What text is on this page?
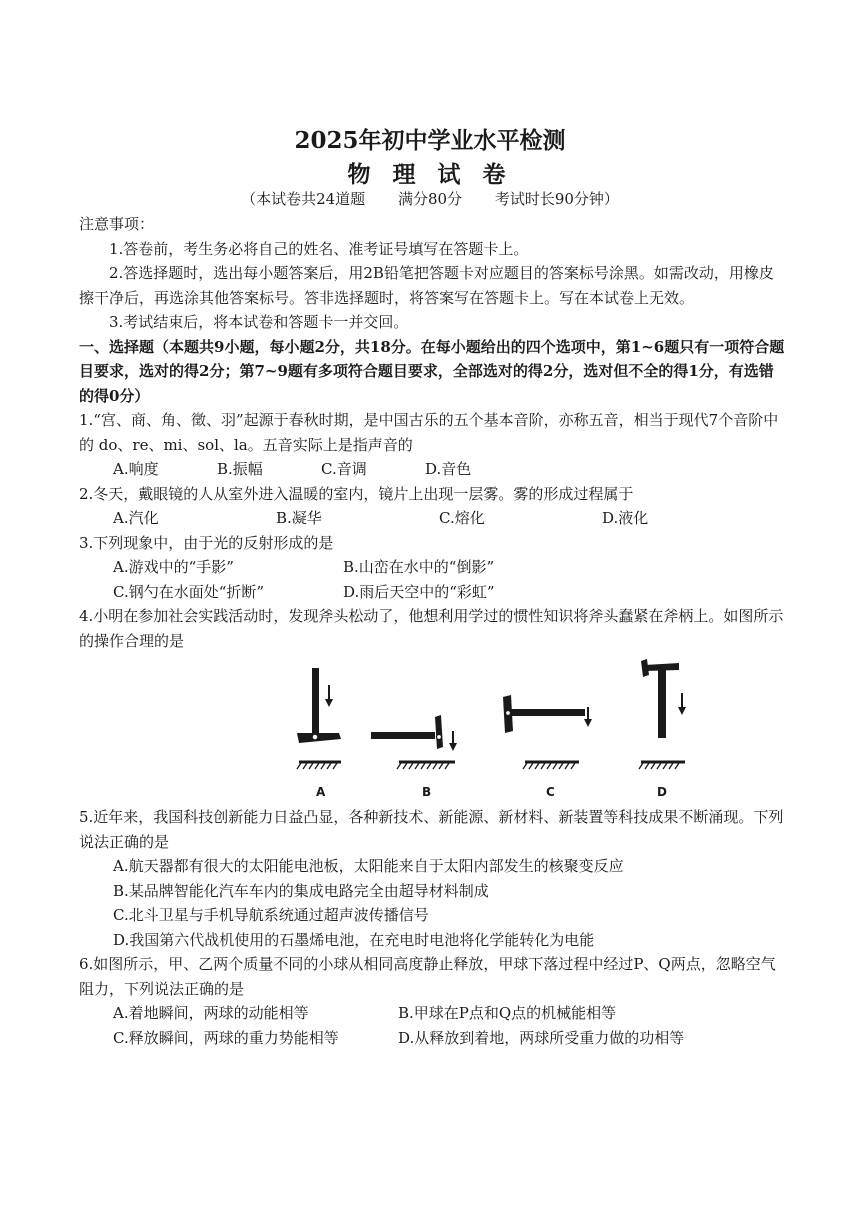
2025年初中学业水平检测
物 理 试 卷
（本试卷共24道题 满分80分 考试时长90分钟）

注意事项：

1.答卷前，考生务必将自己的姓名、准考证号填写在答题卡上。

2.答选择题时，选出每小题答案后，用2B铅笔把答题卡对应题目的答案标号涂黑。如需改动，用橡皮擦干净后，再选涂其他答案标号。答非选择题时，将答案写在答题卡上。写在本试卷上无效。

3.考试结束后，将本试卷和答题卡一并交回。

一、选择题（本题共9小题，每小题2分，共18分。在每小题给出的四个选项中，第1~6题只有一项符合题目要求，选对的得2分；第7~9题有多项符合题目要求，全部选对的得2分，选对但不全的得1分，有选错的得0分）

1.“宫、商、角、徵、羽”起源于春秋时期，是中国古乐的五个基本音阶，亦称五音，相当于现代7个音阶中的 do、re、mi、sol、la。五音实际上是指声音的

A.响度	B.振幅	C.音调	D.音色

2.冬天，戴眼镜的人从室外进入温暖的室内，镜片上出现一层雾。雾的形成过程属于

A.汽化	B.凝华	C.熔化	D.液化

3.下列现象中，由于光的反射形成的是

A.游戏中的“手影”	B.山峦在水中的“倒影”
C.钢勺在水面处“折断”	D.雨后天空中的“彩虹”

4.小明在参加社会实践活动时，发现斧头松动了，他想利用学过的惯性知识将斧头蠢紧在斧柄上。如图所示的操作合理的是

A	B	C	D

5.近年来，我国科技创新能力日益凸显，各种新技术、新能源、新材料、新装置等科技成果不断涌现。下列说法正确的是

A.航天器都有很大的太阳能电池板，太阳能来自于太阳内部发生的核聚变反应

B.某品牌智能化汽车车内的集成电路完全由超导材料制成

C.北斗卫星与手机导航系统通过超声波传播信号

D.我国第六代战机使用的石墨烯电池，在充电时电池将化学能转化为电能

6.如图所示，甲、乙两个质量不同的小球从相同高度静止释放，甲球下落过程中经过P、Q两点，忽略空气阻力，下列说法正确的是

A.着地瞬间，两球的动能相等	B.甲球在P点和Q点的机械能相等
C.释放瞬间，两球的重力势能相等	D.从释放到着地，两球所受重力做的功相等
